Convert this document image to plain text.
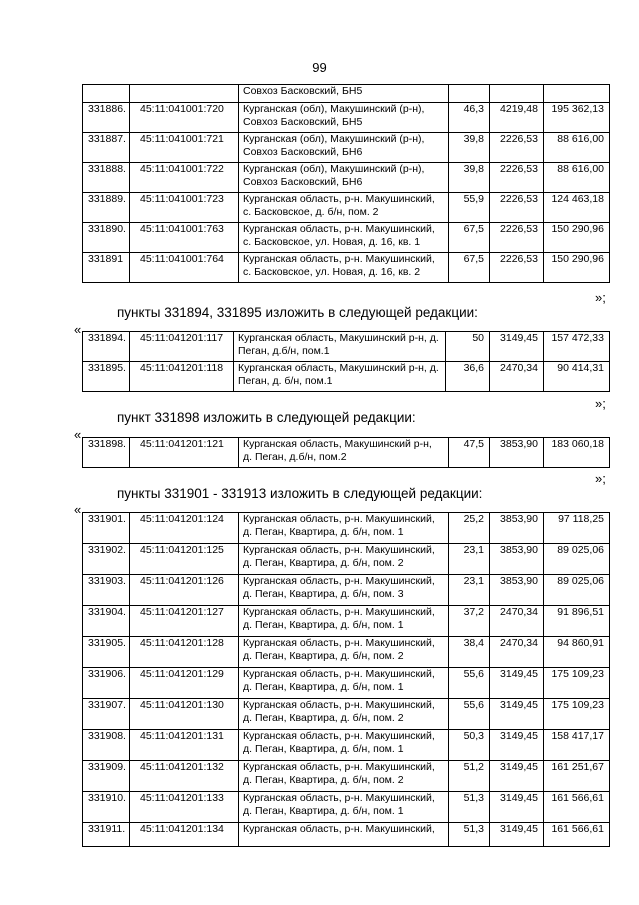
99

		Совхоз Басковский, БН5			

331886.	45:11:041001:720	Курганская (обл), Макушинский (р-н),
Совхоз Басковский, БН5	46,3	4219,48	195 362,13
331887.	45:11:041001:721	Курганская (обл), Макушинский (р-н),
Совхоз Басковский, БН6	39,8	2226,53	88 616,00
331888.	45:11:041001:722	Курганская (обл), Макушинский (р-н),
Совхоз Басковский, БН6	39,8	2226,53	88 616,00
331889.	45:11:041001:723	Курганская область, р-н. Макушинский,
с. Басковское, д. б/н, пом. 2	55,9	2226,53	124 463,18
331890.	45:11:041001:763	Курганская область, р-н. Макушинский,
с. Басковское, ул. Новая, д. 16, кв. 1	67,5	2226,53	150 290,96
331891	45:11:041001:764	Курганская область, р-н. Макушинский,
с. Басковское, ул. Новая, д. 16, кв. 2	67,5	2226,53	150 290,96
»;
пункты 331894, 331895 изложить в следующей редакции:
«
331894.	45:11:041201:117	Курганская область, Макушинский р-н, д.
Пеган, д.б/н, пом.1	50	3149,45	157 472,33
331895.	45:11:041201:118	Курганская область, Макушинский р-н, д.
Пеган, д. б/н, пом.1	36,6	2470,34	90 414,31
»;
пункт 331898 изложить в следующей редакции:
«
331898.	45:11:041201:121	Курганская область, Макушинский р-н,
д. Пеган, д.б/н, пом.2
	47,5	3853,90	183 060,18
»;
пункты 331901 - 331913 изложить в следующей редакции:
«
331901.	45:11:041201:124	Курганская область, р-н. Макушинский,
д. Пеган, Квартира, д. б/н, пом. 1	25,2	3853,90	97 118,25
331902.	45:11:041201:125	Курганская область, р-н. Макушинский,
д. Пеган, Квартира, д. б/н, пом. 2	23,1	3853,90	89 025,06
331903.	45:11:041201:126	Курганская область, р-н. Макушинский,
д. Пеган, Квартира, д. б/н, пом. 3	23,1	3853,90	89 025,06
331904.	45:11:041201:127	Курганская область, р-н. Макушинский,
д. Пеган, Квартира, д. б/н, пом. 1	37,2	2470,34	91 896,51
331905.	45:11:041201:128	Курганская область, р-н. Макушинский,
д. Пеган, Квартира, д. б/н, пом. 2	38,4	2470,34	94 860,91
331906.	45:11:041201:129	Курганская область, р-н. Макушинский,
д. Пеган, Квартира, д. б/н, пом. 1	55,6	3149,45	175 109,23
331907.	45:11:041201:130	Курганская область, р-н. Макушинский,
д. Пеган, Квартира, д. б/н, пом. 2	55,6	3149,45	175 109,23
331908.	45:11:041201:131	Курганская область, р-н. Макушинский,
д. Пеган, Квартира, д. б/н, пом. 1	50,3	3149,45	158 417,17
331909.	45:11:041201:132	Курганская область, р-н. Макушинский,
д. Пеган, Квартира, д. б/н, пом. 2	51,2	3149,45	161 251,67
331910.	45:11:041201:133	Курганская область, р-н. Макушинский,
д. Пеган, Квартира, д. б/н, пом. 1	51,3	3149,45	161 566,61
331911.	45:11:041201:134	Курганская область, р-н. Макушинский,	51,3	3149,45	161 566,61
